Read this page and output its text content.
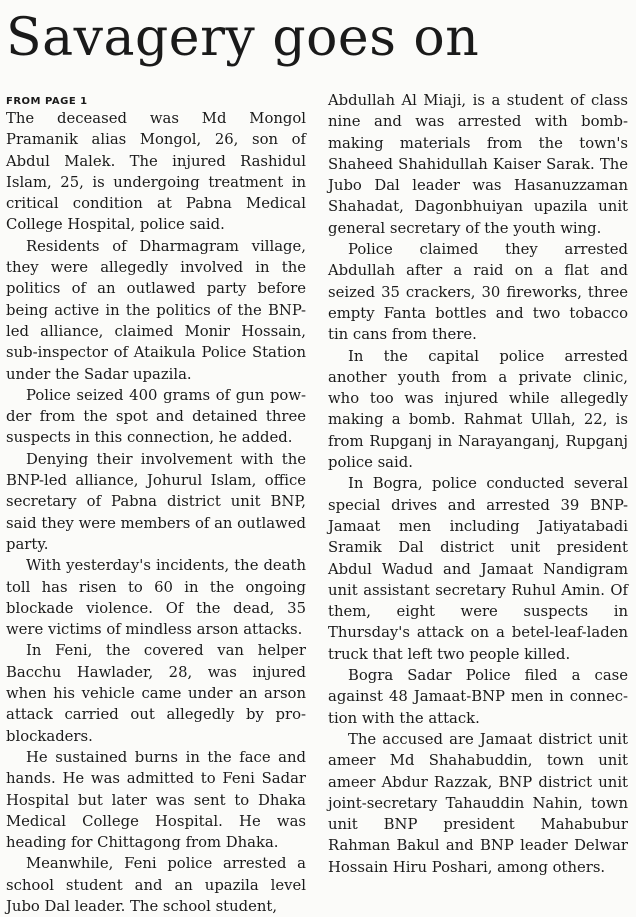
Savagery goes on
FROM PAGE 1

The deceased was Md Mongol Pramanik alias Mongol, 26, son of Abdul Malek. The injured Rashidul Islam, 25, is undergoing treatment in critical condition at Pabna Medical College Hospital, police said.

Residents of Dharmagram village, they were allegedly involved in the politics of an outlawed party before being active in the politics of the BNP-led alliance, claimed Monir Hossain, sub-inspector of Ataikula Police Station under the Sadar upazila.

Police seized 400 grams of gun powder from the spot and detained three suspects in this connection, he added.

Denying their involvement with the BNP-led alliance, Johurul Islam, office secretary of Pabna district unit BNP, said they were members of an outlawed party.

With yesterday's incidents, the death toll has risen to 60 in the ongoing blockade violence. Of the dead, 35 were victims of mindless arson attacks.

In Feni, the covered van helper Bacchu Hawlader, 28, was injured when his vehicle came under an arson attack carried out allegedly by pro-blockaders.

He sustained burns in the face and hands. He was admitted to Feni Sadar Hospital but later was sent to Dhaka Medical College Hospital. He was heading for Chittagong from Dhaka.

Meanwhile, Feni police arrested a school student and an upazila level Jubo Dal leader. The school student,

Abdullah Al Miaji, is a student of class nine and was arrested with bomb-making materials from the town's Shaheed Shahidullah Kaiser Sarak. The Jubo Dal leader was Hasanuzzaman Shahadat, Dagonbhuiyan upazila unit general secretary of the youth wing.

Police claimed they arrested Abdullah after a raid on a flat and seized 35 crackers, 30 fireworks, three empty Fanta bottles and two tobacco tin cans from there.

In the capital police arrested another youth from a private clinic, who too was injured while allegedly making a bomb. Rahmat Ullah, 22, is from Rupganj in Narayanganj, Rupganj police said.

In Bogra, police conducted several special drives and arrested 39 BNP-Jamaat men including Jatiyatabadi Sramik Dal district unit president Abdul Wadud and Jamaat Nandigram unit assistant secretary Ruhul Amin. Of them, eight were suspects in Thursday's attack on a betel-leaf-laden truck that left two people killed.

Bogra Sadar Police filed a case against 48 Jamaat-BNP men in connection with the attack.

The accused are Jamaat district unit ameer Md Shahabuddin, town unit ameer Abdur Razzak, BNP district unit joint-secretary Tahauddin Nahin, town unit BNP president Mahabubur Rahman Bakul and BNP leader Delwar Hossain Hiru Poshari, among others.
